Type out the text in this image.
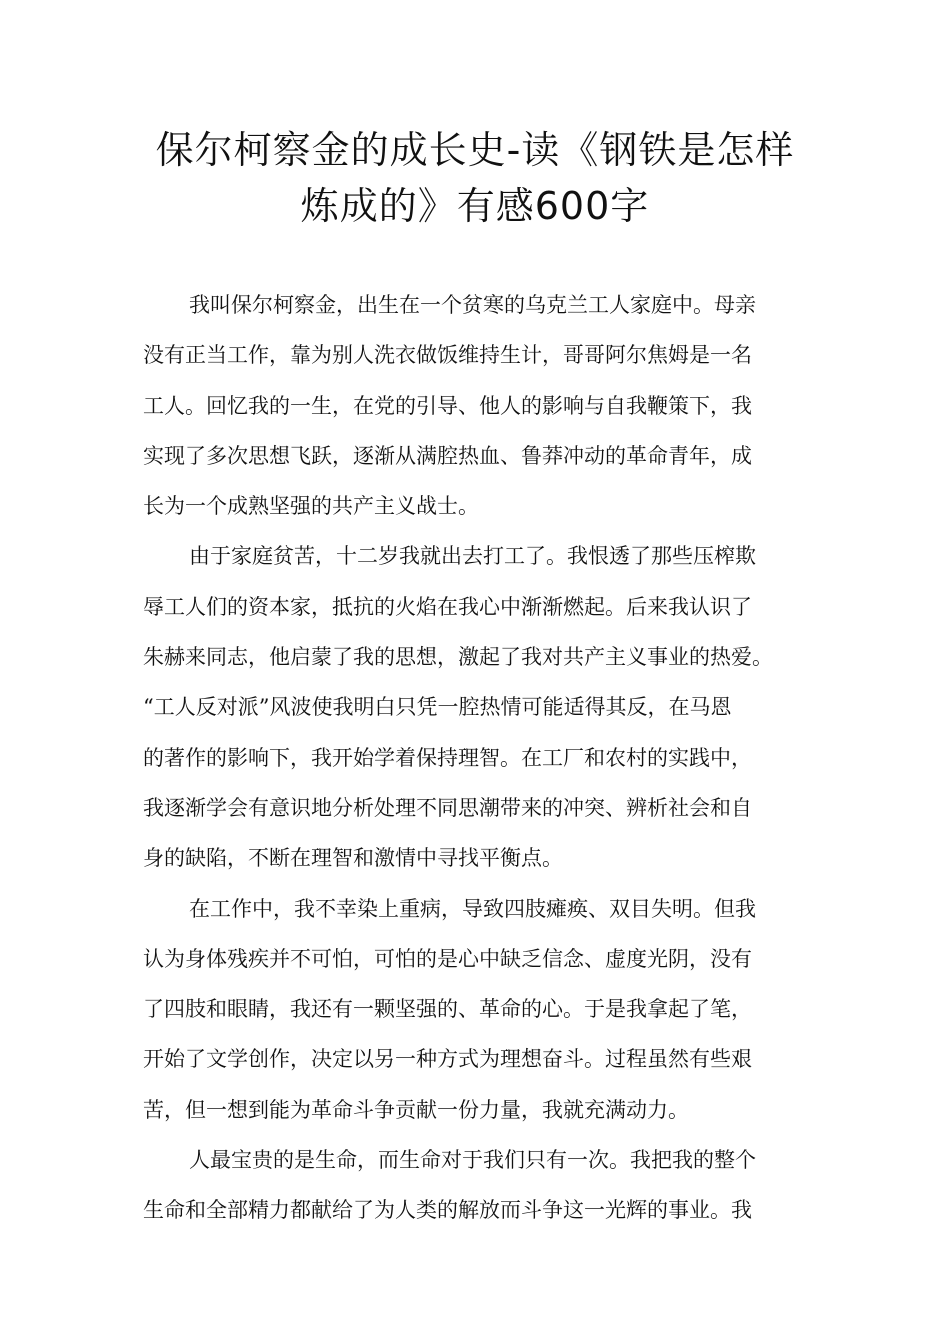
保尔柯察金的成长史-读《钢铁是怎样
炼成的》有感600字

我叫保尔柯察金，出生在一个贫寒的乌克兰工人家庭中。母亲
没有正当工作，靠为别人洗衣做饭维持生计，哥哥阿尔焦姆是一名
工人。回忆我的一生，在党的引导、他人的影响与自我鞭策下，我
实现了多次思想飞跃，逐渐从满腔热血、鲁莽冲动的革命青年，成
长为一个成熟坚强的共产主义战士。

由于家庭贫苦，十二岁我就出去打工了。我恨透了那些压榨欺
辱工人们的资本家，抵抗的火焰在我心中渐渐燃起。后来我认识了
朱赫来同志，他启蒙了我的思想，激起了我对共产主义事业的热爱。
“工人反对派”风波使我明白只凭一腔热情可能适得其反，在马恩
的著作的影响下，我开始学着保持理智。在工厂和农村的实践中，
我逐渐学会有意识地分析处理不同思潮带来的冲突、辨析社会和自
身的缺陷，不断在理智和激情中寻找平衡点。

在工作中，我不幸染上重病，导致四肢瘫痪、双目失明。但我
认为身体残疾并不可怕，可怕的是心中缺乏信念、虚度光阴，没有
了四肢和眼睛，我还有一颗坚强的、革命的心。于是我拿起了笔，
开始了文学创作，决定以另一种方式为理想奋斗。过程虽然有些艰
苦，但一想到能为革命斗争贡献一份力量，我就充满动力。

人最宝贵的是生命，而生命对于我们只有一次。我把我的整个
生命和全部精力都献给了为人类的解放而斗争这一光辉的事业。我
